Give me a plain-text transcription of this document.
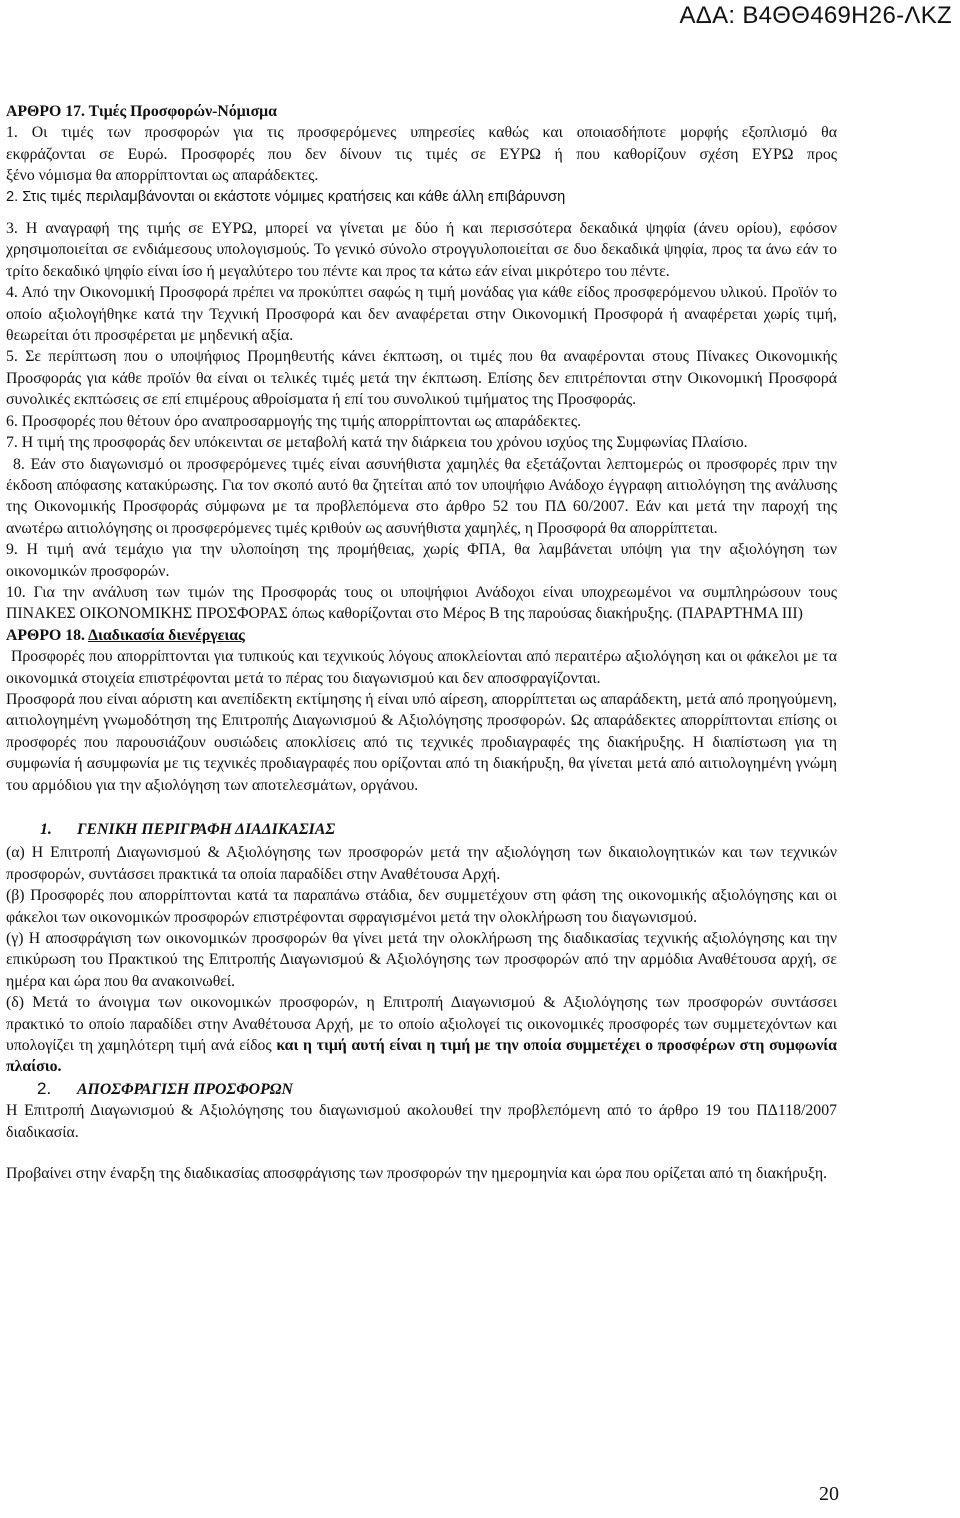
ΑΔΑ: Β4ΘΘ469Η26-ΛΚΖ

ΑΡΘΡΟ 17. Τιμές Προσφορών-Νόμισμα

1. Οι τιμές των προσφορών για τις προσφερόμενες υπηρεσίες καθώς και οποιασδήποτε μορφής εξοπλισμό θα

εκφράζονται σε Ευρώ. Προσφορές που δεν δίνουν τις τιμές σε ΕΥΡΩ ή που καθορίζουν σχέση ΕΥΡΩ προς

ξένο νόμισμα θα απορρίπτονται ως απαράδεκτες.

2. Στις τιμές περιλαμβάνονται οι εκάστοτε νόμιμες κρατήσεις και κάθε άλλη επιβάρυνση

3. Η αναγραφή της τιμής σε ΕΥΡΩ, μπορεί να γίνεται με δύο ή και περισσότερα δεκαδικά ψηφία (άνευ ορίου), εφόσον χρησιμοποιείται σε ενδιάμεσους υπολογισμούς. Το γενικό σύνολο στρογγυλοποιείται σε δυο δεκαδικά ψηφία, προς τα άνω εάν το τρίτο δεκαδικό ψηφίο είναι ίσο ή μεγαλύτερο του πέντε και προς τα κάτω εάν είναι μικρότερο του πέντε.

4. Από την Οικονομική Προσφορά πρέπει να προκύπτει σαφώς η τιμή μονάδας για κάθε είδος προσφερόμενου υλικού. Προϊόν το οποίο αξιολογήθηκε κατά την Τεχνική Προσφορά και δεν αναφέρεται στην Οικονομική Προσφορά ή αναφέρεται χωρίς τιμή, θεωρείται ότι προσφέρεται με μηδενική αξία.

5. Σε περίπτωση που ο υποψήφιος Προμηθευτής κάνει έκπτωση, οι τιμές που θα αναφέρονται στους Πίνακες Οικονομικής Προσφοράς για κάθε προϊόν θα είναι οι τελικές τιμές μετά την έκπτωση. Επίσης δεν επιτρέπονται στην Οικονομική Προσφορά συνολικές εκπτώσεις σε επί επιμέρους αθροίσματα ή επί του συνολικού τιμήματος της Προσφοράς.

6. Προσφορές που θέτουν όρο αναπροσαρμογής της τιμής απορρίπτονται ως απαράδεκτες.

7. Η τιμή της προσφοράς δεν υπόκεινται σε μεταβολή κατά την διάρκεια του χρόνου ισχύος της Συμφωνίας Πλαίσιο.

8. Εάν στο διαγωνισμό οι προσφερόμενες τιμές είναι ασυνήθιστα χαμηλές θα εξετάζονται λεπτομερώς οι προσφορές πριν την έκδοση απόφασης κατακύρωσης. Για τον σκοπό αυτό θα ζητείται από τον υποψήφιο Ανάδοχο έγγραφη αιτιολόγηση της ανάλυσης της Οικονομικής Προσφοράς σύμφωνα με τα προβλεπόμενα στο άρθρο 52 του ΠΔ 60/2007. Εάν και μετά την παροχή της ανωτέρω αιτιολόγησης οι προσφερόμενες τιμές κριθούν ως ασυνήθιστα χαμηλές, η Προσφορά θα απορρίπτεται.

9. Η τιμή ανά τεμάχιο για την υλοποίηση της προμήθειας, χωρίς ΦΠΑ, θα λαμβάνεται υπόψη για την αξιολόγηση των οικονομικών προσφορών.

10. Για την ανάλυση των τιμών της Προσφοράς τους οι υποψήφιοι Ανάδοχοι είναι υποχρεωμένοι να συμπληρώσουν τους ΠΙΝΑΚΕΣ ΟΙΚΟΝΟΜΙΚΗΣ ΠΡΟΣΦΟΡΑΣ όπως καθορίζονται στο Μέρος Β της παρούσας διακήρυξης. (ΠΑΡΑΡΤΗΜΑ ΙΙΙ)

ΑΡΘΡΟ 18. Διαδικασία διενέργειας

Προσφορές που απορρίπτονται για τυπικούς και τεχνικούς λόγους αποκλείονται από περαιτέρω αξιολόγηση και οι φάκελοι με τα οικονομικά στοιχεία επιστρέφονται μετά το πέρας του διαγωνισμού και δεν αποσφραγίζονται.

Προσφορά που είναι αόριστη και ανεπίδεκτη εκτίμησης ή είναι υπό αίρεση, απορρίπτεται ως απαράδεκτη, μετά από προηγούμενη, αιτιολογημένη γνωμοδότηση της Επιτροπής Διαγωνισμού & Αξιολόγησης προσφορών. Ως απαράδεκτες απορρίπτονται επίσης οι προσφορές που παρουσιάζουν ουσιώδεις αποκλίσεις από τις τεχνικές προδιαγραφές της διακήρυξης. Η διαπίστωση για τη συμφωνία ή ασυμφωνία με τις τεχνικές προδιαγραφές που ορίζονται από τη διακήρυξη, θα γίνεται μετά από αιτιολογημένη γνώμη του αρμόδιου για την αξιολόγηση των αποτελεσμάτων, οργάνου.

1. ΓΕΝΙΚΗ ΠΕΡΙΓΡΑΦΗ ΔΙΑΔΙΚΑΣΙΑΣ

(α) Η Επιτροπή Διαγωνισμού & Αξιολόγησης των προσφορών μετά την αξιολόγηση των δικαιολογητικών και των τεχνικών προσφορών, συντάσσει πρακτικά τα οποία παραδίδει στην Αναθέτουσα Αρχή.

(β) Προσφορές που απορρίπτονται κατά τα παραπάνω στάδια, δεν συμμετέχουν στη φάση της οικονομικής αξιολόγησης και οι φάκελοι των οικονομικών προσφορών επιστρέφονται σφραγισμένοι μετά την ολοκλήρωση του διαγωνισμού.

(γ) Η αποσφράγιση των οικονομικών προσφορών θα γίνει μετά την ολοκλήρωση της διαδικασίας τεχνικής αξιολόγησης και την επικύρωση του Πρακτικού της Επιτροπής Διαγωνισμού & Αξιολόγησης των προσφορών από την αρμόδια Αναθέτουσα αρχή, σε ημέρα και ώρα που θα ανακοινωθεί.

(δ) Μετά το άνοιγμα των οικονομικών προσφορών, η Επιτροπή Διαγωνισμού & Αξιολόγησης των προσφορών συντάσσει πρακτικό το οποίο παραδίδει στην Αναθέτουσα Αρχή, με το οποίο αξιολογεί τις οικονομικές προσφορές των συμμετεχόντων και υπολογίζει τη χαμηλότερη τιμή ανά είδος και η τιμή αυτή είναι η τιμή με την οποία συμμετέχει ο προσφέρων στη συμφωνία πλαίσιο.

2. ΑΠΟΣΦΡΑΓΙΣΗ ΠΡΟΣΦΟΡΩΝ

Η Επιτροπή Διαγωνισμού & Αξιολόγησης του διαγωνισμού ακολουθεί την προβλεπόμενη από το άρθρο 19 του ΠΔ118/2007 διαδικασία.

Προβαίνει στην έναρξη της διαδικασίας αποσφράγισης των προσφορών την ημερομηνία και ώρα που ορίζεται από τη διακήρυξη.

20
